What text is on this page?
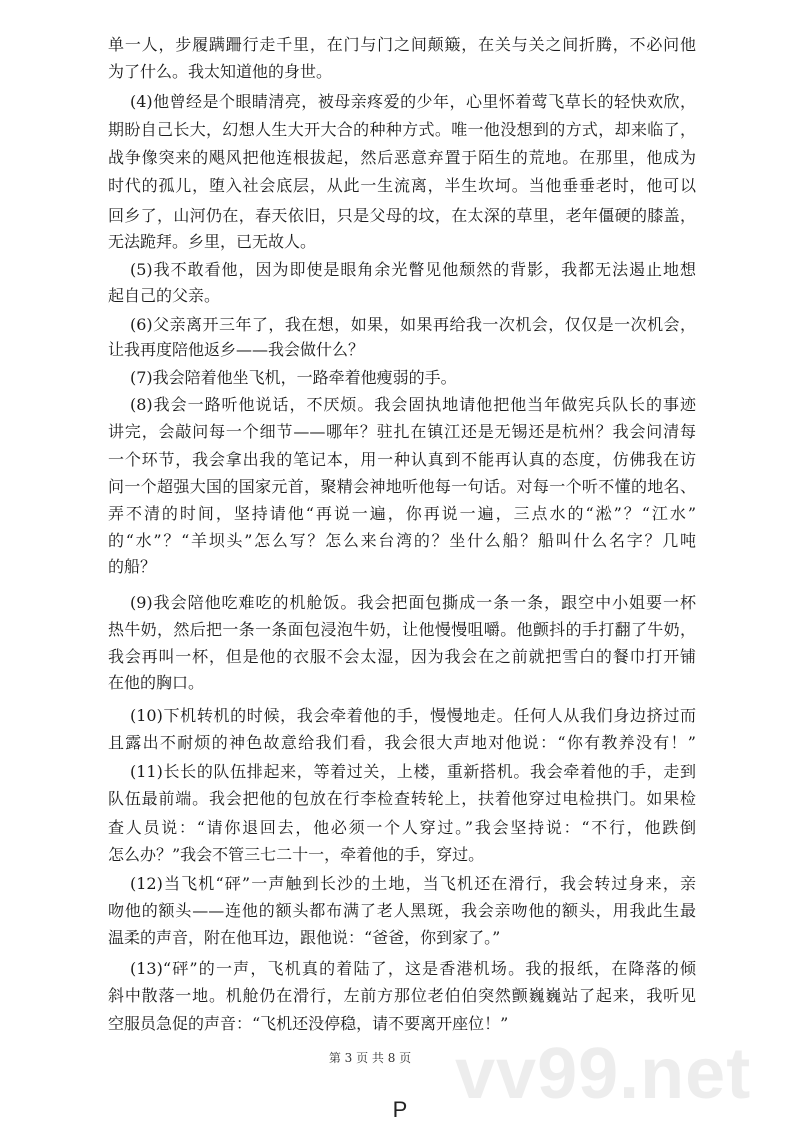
vv99.net
单一人，步履蹒跚行走千里，在门与门之间颠簸，在关与关之间折腾，不必问他
为了什么。我太知道他的身世。
(4)他曾经是个眼睛清亮，被母亲疼爱的少年，心里怀着莺飞草长的轻快欢欣，
期盼自己长大，幻想人生大开大合的种种方式。唯一他没想到的方式，却来临了，
战争像突来的飓风把他连根拔起，然后恶意弃置于陌生的荒地。在那里，他成为
时代的孤儿，堕入社会底层，从此一生流离，半生坎坷。当他垂垂老时，他可以
回乡了，山河仍在，春天依旧，只是父母的坟，在太深的草里，老年僵硬的膝盖，
无法跪拜。乡里，已无故人。
(5)我不敢看他，因为即使是眼角余光瞥见他颓然的背影，我都无法遏止地想
起自己的父亲。
(6)父亲离开三年了，我在想，如果，如果再给我一次机会，仅仅是一次机会，
让我再度陪他返乡——我会做什么？
(7)我会陪着他坐飞机，一路牵着他瘦弱的手。
(8)我会一路听他说话，不厌烦。我会固执地请他把他当年做宪兵队长的事迹
讲完，会敲问每一个细节——哪年？驻扎在镇江还是无锡还是杭州？我会问清每
一个环节，我会拿出我的笔记本，用一种认真到不能再认真的态度，仿佛我在访
问一个超强大国的国家元首，聚精会神地听他每一句话。对每一个听不懂的地名、
弄不清的时间，坚持请他“再说一遍，你再说一遍，三点水的“淞”？“江水”
的“水”？“羊坝头”怎么写？怎么来台湾的？坐什么船？船叫什么名字？几吨
的船？
(9)我会陪他吃难吃的机舱饭。我会把面包撕成一条一条，跟空中小姐要一杯
热牛奶，然后把一条一条面包浸泡牛奶，让他慢慢咀嚼。他颤抖的手打翻了牛奶，
我会再叫一杯，但是他的衣服不会太湿，因为我会在之前就把雪白的餐巾打开铺
在他的胸口。
(10)下机转机的时候，我会牵着他的手，慢慢地走。任何人从我们身边挤过而
且露出不耐烦的神色故意给我们看，我会很大声地对他说：“你有教养没有！”
(11)长长的队伍排起来，等着过关，上楼，重新搭机。我会牵着他的手，走到
队伍最前端。我会把他的包放在行李检查转轮上，扶着他穿过电检拱门。如果检
查人员说：“请你退回去，他必须一个人穿过。”我会坚持说：“不行，他跌倒
怎么办？”我会不管三七二十一，牵着他的手，穿过。
(12)当飞机“砰”一声触到长沙的土地，当飞机还在滑行，我会转过身来，亲
吻他的额头——连他的额头都布满了老人黑斑，我会亲吻他的额头，用我此生最
温柔的声音，附在他耳边，跟他说：“爸爸，你到家了。”
(13)“砰”的一声，飞机真的着陆了，这是香港机场。我的报纸，在降落的倾
斜中散落一地。机舱仍在滑行，左前方那位老伯伯突然颤巍巍站了起来，我听见
空服员急促的声音：“飞机还没停稳，请不要离开座位！”
第 3 页 共 8 页
P
